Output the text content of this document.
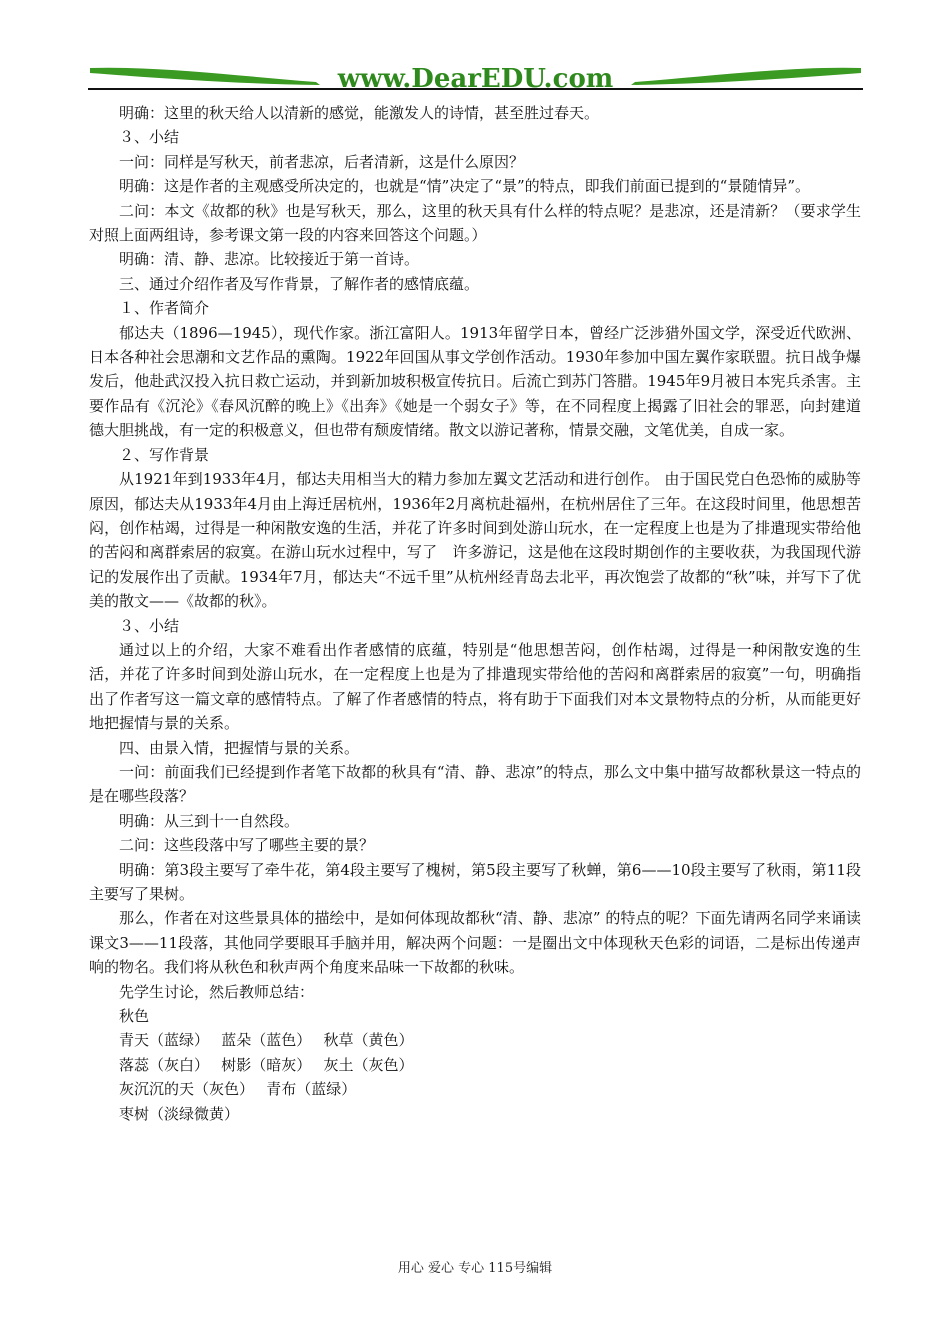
www.DearEDU.com

明确：这里的秋天给人以清新的感觉，能激发人的诗情，甚至胜过春天。

３、小结

一问：同样是写秋天，前者悲凉，后者清新，这是什么原因？

明确：这是作者的主观感受所决定的，也就是“情”决定了“景”的特点，即我们前面已提到的“景随情异”。

二问：本文《故都的秋》也是写秋天，那么，这里的秋天具有什么样的特点呢？是悲凉，还是清新？（要求学生对照上面两组诗，参考课文第一段的内容来回答这个问题。）

明确：清、静、悲凉。比较接近于第一首诗。

三、通过介绍作者及写作背景，了解作者的感情底蕴。

１、作者简介

郁达夫（1896—1945），现代作家。浙江富阳人。1913年留学日本，曾经广泛涉猎外国文学，深受近代欧洲、日本各种社会思潮和文艺作品的熏陶。1922年回国从事文学创作活动。1930年参加中国左翼作家联盟。抗日战争爆发后，他赴武汉投入抗日救亡运动，并到新加坡积极宣传抗日。后流亡到苏门答腊。1945年9月被日本宪兵杀害。主要作品有《沉沦》《春风沉醉的晚上》《出奔》《她是一个弱女子》等，在不同程度上揭露了旧社会的罪恶，向封建道德大胆挑战，有一定的积极意义，但也带有颓废情绪。散文以游记著称，情景交融，文笔优美，自成一家。

２、写作背景

从1921年到1933年4月，郁达夫用相当大的精力参加左翼文艺活动和进行创作。 由于国民党白色恐怖的威胁等原因，郁达夫从1933年4月由上海迁居杭州，1936年2月离杭赴福州，在杭州居住了三年。在这段时间里，他思想苦闷，创作枯竭，过得是一种闲散安逸的生活，并花了许多时间到处游山玩水，在一定程度上也是为了排遣现实带给他的苦闷和离群索居的寂寞。在游山玩水过程中，写了　许多游记，这是他在这段时期创作的主要收获，为我国现代游记的发展作出了贡献。1934年7月，郁达夫“不远千里”从杭州经青岛去北平，再次饱尝了故都的“秋”味，并写下了优美的散文——《故都的秋》。

３、小结

通过以上的介绍，大家不难看出作者感情的底蕴，特别是“他思想苦闷，创作枯竭，过得是一种闲散安逸的生活，并花了许多时间到处游山玩水，在一定程度上也是为了排遣现实带给他的苦闷和离群索居的寂寞”一句，明确指出了作者写这一篇文章的感情特点。了解了作者感情的特点，将有助于下面我们对本文景物特点的分析，从而能更好地把握情与景的关系。

四、由景入情，把握情与景的关系。

一问：前面我们已经提到作者笔下故都的秋具有“清、静、悲凉”的特点，那么文中集中描写故都秋景这一特点的是在哪些段落？

明确：从三到十一自然段。

二问：这些段落中写了哪些主要的景？

明确：第3段主要写了牵牛花，第4段主要写了槐树，第5段主要写了秋蝉，第6——10段主要写了秋雨，第11段主要写了果树。

那么，作者在对这些景具体的描绘中，是如何体现故都秋“清、静、悲凉” 的特点的呢？下面先请两名同学来诵读课文3——11段落，其他同学要眼耳手脑并用，解决两个问题：一是圈出文中体现秋天色彩的词语，二是标出传递声响的物名。我们将从秋色和秋声两个角度来品味一下故都的秋味。

先学生讨论，然后教师总结：

秋色

青天（蓝绿）　 蓝朵（蓝色）　 秋草（黄色）

落蕊（灰白）　 树影（暗灰）　 灰土（灰色）

灰沉沉的天（灰色）　 青布（蓝绿）

枣树（淡绿微黄）

用心 爱心 专心 115号编辑
